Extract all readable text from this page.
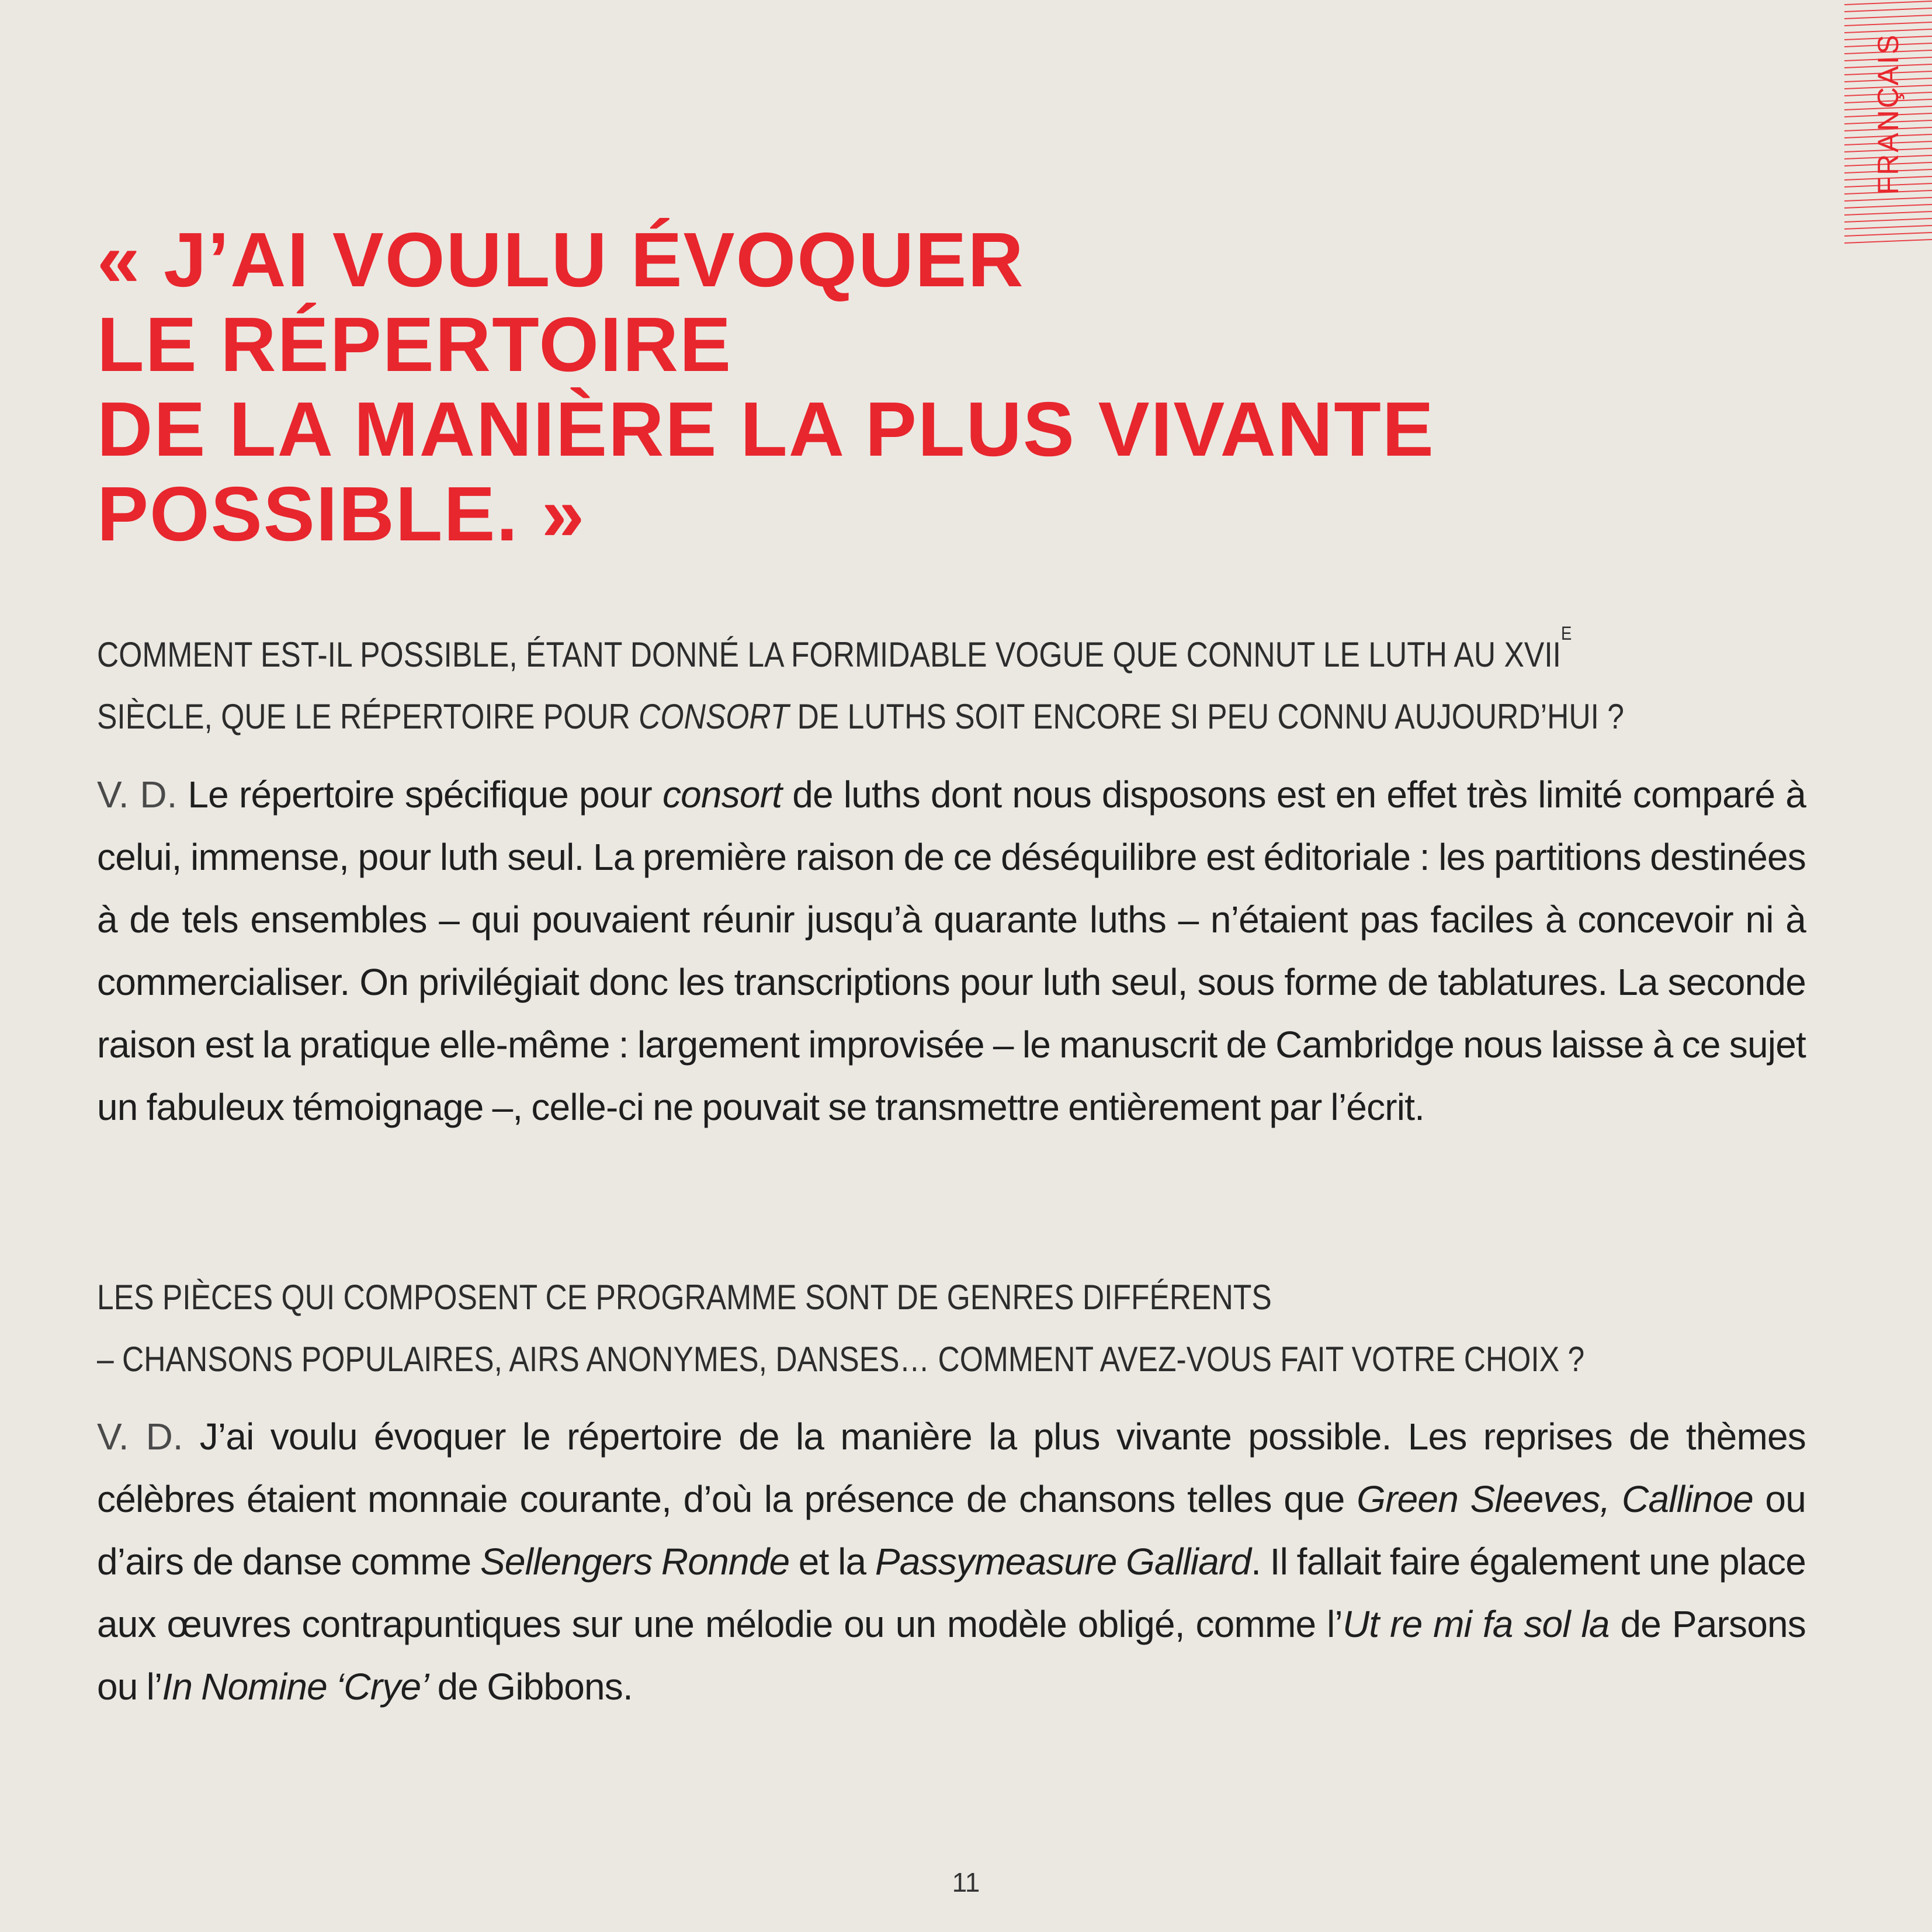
FRANÇAIS
« J’AI VOULU ÉVOQUER
LE RÉPERTOIRE
DE LA MANIÈRE LA PLUS VIVANTE
POSSIBLE. »
COMMENT EST-IL POSSIBLE, ÉTANT DONNÉ LA FORMIDABLE VOGUE QUE CONNUT LE LUTH AU $XVII^E$
SIÈCLE, QUE LE RÉPERTOIRE POUR CONSORT DE LUTHS SOIT ENCORE SI PEU CONNU AUJOURD’HUI ?

V. D. Le répertoire spécifique pour consort de luths dont nous disposons est en effet très limité comparé à celui, immense, pour luth seul. La première raison de ce déséquilibre est éditoriale : les partitions destinées à de tels ensembles – qui pouvaient réunir jusqu’à quarante luths – n’étaient pas faciles à concevoir ni à commercialiser. On privilégiait donc les transcriptions pour luth seul, sous forme de tablatures. La seconde raison est la pratique elle-même : largement improvisée – le manuscrit de Cambridge nous laisse à ce sujet un fabuleux témoignage –, celle-ci ne pouvait se transmettre entièrement par l’écrit.

LES PIÈCES QUI COMPOSENT CE PROGRAMME SONT DE GENRES DIFFÉRENTS
– CHANSONS POPULAIRES, AIRS ANONYMES, DANSES… COMMENT AVEZ-VOUS FAIT VOTRE CHOIX ?

V. D. J’ai voulu évoquer le répertoire de la manière la plus vivante possible. Les reprises de thèmes célèbres étaient monnaie courante, d’où la présence de chansons telles que Green Sleeves, Callinoe ou d’airs de danse comme Sellengers Ronnde et la Passymeasure Galliard. Il fallait faire également une place aux œuvres contrapuntiques sur une mélodie ou un modèle obligé, comme l’Ut re mi fa sol la de Parsons ou l’In Nomine ‘Crye’ de Gibbons.

11
